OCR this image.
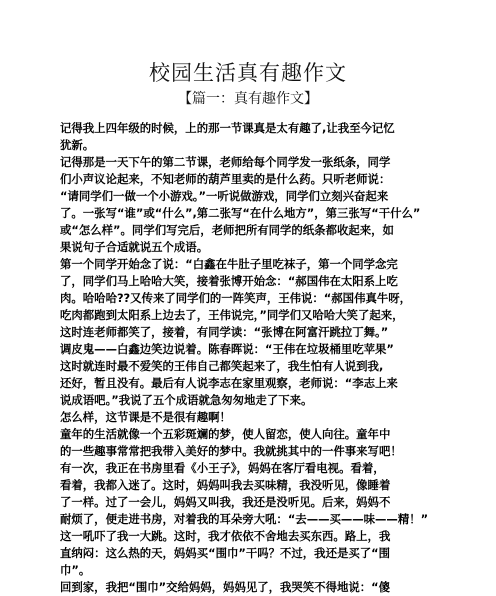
校园生活真有趣作文
【篇一：真有趣作文】
记得我上四年级的时候，上的那一节课真是太有趣了,让我至今记忆
犹新。
记得那是一天下午的第二节课，老师给每个同学发一张纸条，同学
们小声议论起来，不知老师的葫芦里卖的是什么药。只听老师说：
“请同学们一做一个小游戏。”一听说做游戏，同学们立刻兴奋起来
了。一张写“谁”或“什么”,第二张写“在什么地方”，第三张写“干什么”
或“怎么样”。同学们写完后，老师把所有同学的纸条都收起来，如
果说句子合适就说五个成语。
第一个同学开始念了说：“白鑫在牛肚子里吃袜子，第一个同学念完
了，同学们马上哈哈大笑，接着张博开始念：“郝国伟在太阳系上吃
肉。哈哈哈??又传来了同学们的一阵笑声，王伟说：“郝国伟真牛呀，
吃肉都跑到太阳系上边去了，王伟说完，”同学们又哈哈大笑了起来，
这时连老师都笑了，接着，有同学读：“张博在阿富汗跳拉丁舞。”
调皮鬼——白鑫边笑边说着。陈春晖说：“王伟在垃圾桶里吃苹果”
这时就连时最不爱笑的王伟自己都笑起来了，我生怕有人说到我,
还好，暂且没有。最后有人说李志在家里观察，老师说：“李志上来
说成语吧。”我说了五个成语就急匆匆地走了下来。
怎么样，这节课是不是很有趣啊！
童年的生活就像一个五彩斑斓的梦，使人留恋，使人向往。童年中
的一些趣事常常把我带入美好的梦中。我就挑其中的一件事来写吧！
有一次，我正在书房里看《小王子》，妈妈在客厅看电视。看着，
看着，我都入迷了。这时，妈妈叫我去买味精，我没听见，像睡着
了一样。过了一会儿，妈妈又叫我，我还是没听见。后来，妈妈不
耐烦了，便走进书房，对着我的耳朵旁大吼：“去——买——味——精！”
这一吼吓了我一大跳。这时，我才依依不舍地去买东西。路上，我
直纳闷：这么热的天，妈妈买“围巾”干吗？不过，我还是买了“围
巾”。
回到家，我把“围巾”交给妈妈，妈妈见了，我哭笑不得地说：“傻
